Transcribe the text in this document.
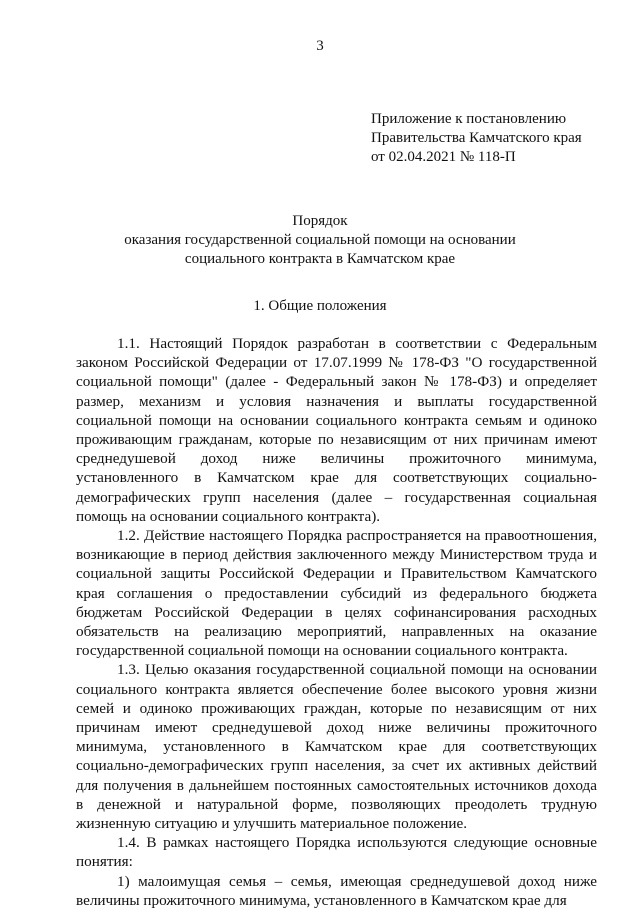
3
Приложение к постановлению
Правительства Камчатского края
от 02.04.2021 № 118-П
Порядок
оказания государственной социальной помощи на основании
социального контракта в Камчатском крае
1. Общие положения

1.1. Настоящий Порядок разработан в соответствии с Федеральным законом Российской Федерации от 17.07.1999 № 178-ФЗ "О государственной социальной помощи" (далее - Федеральный закон № 178-ФЗ) и определяет размер, механизм и условия назначения и выплаты государственной социальной помощи на основании социального контракта семьям и одиноко проживающим гражданам, которые по независящим от них причинам имеют среднедушевой доход ниже величины прожиточного минимума, установленного в Камчатском крае для соответствующих социально-демографических групп населения (далее – государственная социальная помощь на основании социального контракта).

1.2. Действие настоящего Порядка распространяется на правоотношения, возникающие в период действия заключенного между Министерством труда и социальной защиты Российской Федерации и Правительством Камчатского края соглашения о предоставлении субсидий из федерального бюджета бюджетам Российской Федерации в целях софинансирования расходных обязательств на реализацию мероприятий, направленных на оказание государственной социальной помощи на основании социального контракта.

1.3. Целью оказания государственной социальной помощи на основании социального контракта является обеспечение более высокого уровня жизни семей и одиноко проживающих граждан, которые по независящим от них причинам имеют среднедушевой доход ниже величины прожиточного минимума, установленного в Камчатском крае для соответствующих социально-демографических групп населения, за счет их активных действий для получения в дальнейшем постоянных самостоятельных источников дохода в денежной и натуральной форме, позволяющих преодолеть трудную жизненную ситуацию и улучшить материальное положение.

1.4. В рамках настоящего Порядка используются следующие основные понятия:

1) малоимущая семья – семья, имеющая среднедушевой доход ниже величины прожиточного минимума, установленного в Камчатском крае для
